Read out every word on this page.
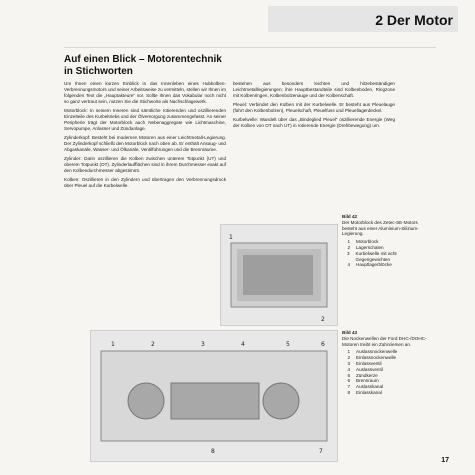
2 Der Motor
Auf einen Blick – Motorentechnik
in Stichworten

Um Ihnen einen kurzen Einblick in das Innenleben eines Hubkolben-Verbrennungsmotors und seiner Arbeitsweise zu vermitteln, stellen wir Ihnen im folgenden Text die „Hauptakteure“ vor. Sollte Ihnen das Vokabular noch nicht so ganz vertraut sein, nutzen Sie die Stichworte als Nachschlagewerk.

Motorblock: In seinem Inneren sind sämtliche rotierenden und oszillierenden Einzelteile des Kurbeltriebs und der Ölversorgung zusammengefasst. An seiner Peripherie trägt der Motorblock auch Nebenaggregate wie Lichtmaschine, Servopumpe, Anlasser und Zündanlage.

Zylinderkopf: Besteht bei modernen Motoren aus einer Leichtmetall-Legierung. Der Zylinderkopf schließt den Motorblock nach oben ab. Er enthält Ansaug- und Abgaskanäle, Wasser- und Ölkanäle, Ventilführungen und die Brennräume.

Zylinder: Darin oszillieren die Kolben zwischen unterem Totpunkt (UT) und oberem Totpunkt (OT). Zylinderlaufflächen sind in ihrem Durchmesser exakt auf den Kolbendurchmesser abgestimmt.

Kolben: Oszillieren in den Zylindern und übertragen den Verbrennungsdruck über Pleuel auf die Kurbelwelle.

bestehen aus besonders leichten und hitzebeständigen Leichtmetalllegierungen; ihre Hauptbestandteile sind Kolbenboden, Ringzone mit Kolbenringen, Kolbenbolzenauge und der Kolbenschaft.

Pleuel: Verbindet den Kolben mit der Kurbelwelle. Er besteht aus Pleuelauge (führt den Kolbenbolzen), Pleuelschaft, Pleuelfuss und Pleuellagerdeckel.

Kurbelwelle: Wandelt über das „Bindeglied Pleuel“ oszillierende Energie (Weg der Kolben von OT nach UT) in rotierende Energie (Drehbewegung) um.

1
2
1	2	3	4	5	6
7
8
Bild 42
Der Motorblock des Zetec-SE-Motors besteht aus einer Aluminium-Silizium-Legierung.
1 Motorblock
2 Lagerschalen
3 Kurbelwelle mit acht Gegengewichten
4 Hauptlagerblöcke
Bild 43
Die Nockenwellen der Ford DHC-/DOHC-Motoren treibt ein Zahnriemen an.
1 Auslassnockenwelle
2 Einlassnockenwelle
3 Einlassventil
4 Auslassventil
5 Zündkerze
6 Brennraum
7 Auslasskanal
8 Einlasskanal
17
